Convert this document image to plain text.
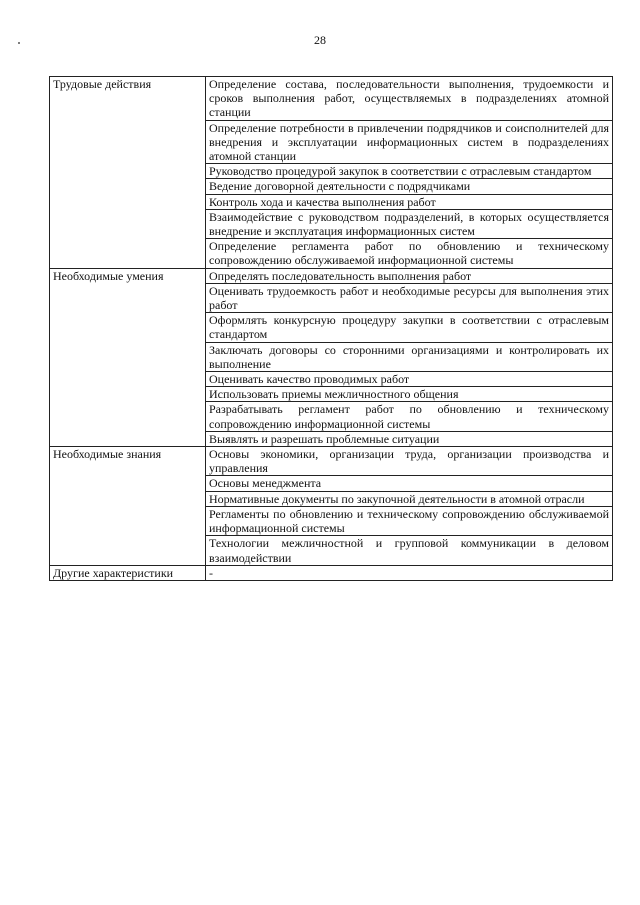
28
Трудовые действия	Определение состава, последовательности выполнения, трудоемкости и сроков выполнения работ, осуществляемых в подразделениях атомной станции
	Определение потребности в привлечении подрядчиков и соисполнителей для внедрения и эксплуатации информационных систем в подразделениях атомной станции
	Руководство процедурой закупок в соответствии с отраслевым стандартом
	Ведение договорной деятельности с подрядчиками
	Контроль хода и качества выполнения работ
	Взаимодействие с руководством подразделений, в которых осуществляется внедрение и эксплуатация информационных систем
	Определение регламента работ по обновлению и техническому сопровождению обслуживаемой информационной системы
Необходимые умения	Определять последовательность выполнения работ
	Оценивать трудоемкость работ и необходимые ресурсы для выполнения этих работ
	Оформлять конкурсную процедуру закупки в соответствии с отраслевым стандартом
	Заключать договоры со сторонними организациями и контролировать их выполнение
	Оценивать качество проводимых работ
	Использовать приемы межличностного общения
	Разрабатывать регламент работ по обновлению и техническому сопровождению информационной системы
	Выявлять и разрешать проблемные ситуации
Необходимые знания	Основы экономики, организации труда, организации производства и управления
	Основы менеджмента
	Нормативные документы по закупочной деятельности в атомной отрасли
	Регламенты по обновлению и техническому сопровождению обслуживаемой информационной системы
	Технологии межличностной и групповой коммуникации в деловом взаимодействии
Другие характеристики	-
